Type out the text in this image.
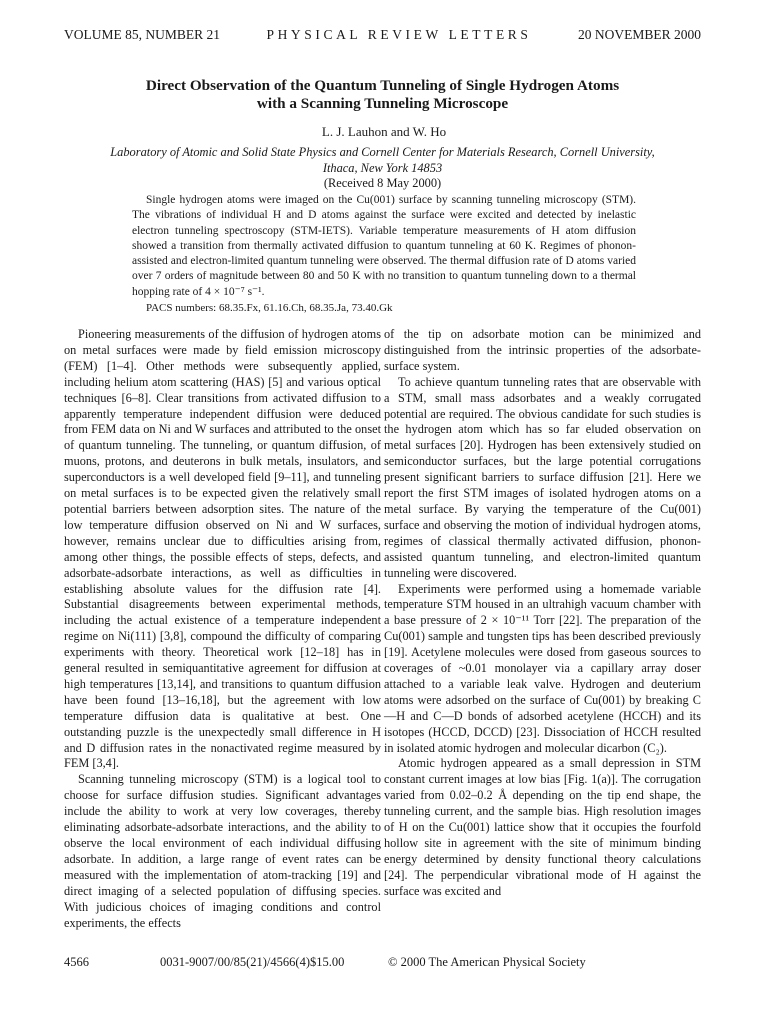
VOLUME 85, NUMBER 21	PHYSICAL REVIEW LETTERS	20 NOVEMBER 2000
Direct Observation of the Quantum Tunneling of Single Hydrogen Atoms
with a Scanning Tunneling Microscope
L. J. Lauhon and W. Ho
Laboratory of Atomic and Solid State Physics and Cornell Center for Materials Research, Cornell University,
Ithaca, New York 14853
(Received 8 May 2000)
Single hydrogen atoms were imaged on the Cu(001) surface by scanning tunneling microscopy (STM). The vibrations of individual H and D atoms against the surface were excited and detected by inelastic electron tunneling spectroscopy (STM-IETS). Variable temperature measurements of H atom diffusion showed a transition from thermally activated diffusion to quantum tunneling at 60 K. Regimes of phonon-assisted and electron-limited quantum tunneling were observed. The thermal diffusion rate of D atoms varied over 7 orders of magnitude between 80 and 50 K with no transition to quantum tunneling down to a thermal hopping rate of 4 × 10⁻⁷ s⁻¹.
PACS numbers: 68.35.Fx, 61.16.Ch, 68.35.Ja, 73.40.Gk

Pioneering measurements of the diffusion of hydrogen atoms on metal surfaces were made by field emission microscopy (FEM) [1–4]. Other methods were subsequently applied, including helium atom scattering (HAS) [5] and various optical techniques [6–8]. Clear transitions from activated diffusion to apparently temperature independent diffusion were deduced from FEM data on Ni and W surfaces and attributed to the onset of quantum tunneling. The tunneling, or quantum diffusion, of muons, protons, and deuterons in bulk metals, insulators, and superconductors is a well developed field [9–11], and tunneling on metal surfaces is to be expected given the relatively small potential barriers between adsorption sites. The nature of the low temperature diffusion observed on Ni and W surfaces, however, remains unclear due to difficulties arising from, among other things, the possible effects of steps, defects, and adsorbate-adsorbate interactions, as well as difficulties in establishing absolute values for the diffusion rate [4]. Substantial disagreements between experimental methods, including the actual existence of a temperature independent regime on Ni(111) [3,8], compound the difficulty of comparing experiments with theory. Theoretical work [12–18] has in general resulted in semiquantitative agreement for diffusion at high temperatures [13,14], and transitions to quantum diffusion have been found [13–16,18], but the agreement with low temperature diffusion data is qualitative at best. One outstanding puzzle is the unexpectedly small difference in H and D diffusion rates in the nonactivated regime measured by FEM [3,4].

Scanning tunneling microscopy (STM) is a logical tool to choose for surface diffusion studies. Significant advantages include the ability to work at very low coverages, thereby eliminating adsorbate-adsorbate interactions, and the ability to observe the local environment of each individual diffusing adsorbate. In addition, a large range of event rates can be measured with the implementation of atom-tracking [19] and direct imaging of a selected population of diffusing species. With judicious choices of imaging conditions and control experiments, the effects

of the tip on adsorbate motion can be minimized and distinguished from the intrinsic properties of the adsorbate-surface system.

To achieve quantum tunneling rates that are observable with a STM, small mass adsorbates and a weakly corrugated potential are required. The obvious candidate for such studies is the hydrogen atom which has so far eluded observation on metal surfaces [20]. Hydrogen has been extensively studied on semiconductor surfaces, but the large potential corrugations present significant barriers to surface diffusion [21]. Here we report the first STM images of isolated hydrogen atoms on a metal surface. By varying the temperature of the Cu(001) surface and observing the motion of individual hydrogen atoms, regimes of classical thermally activated diffusion, phonon-assisted quantum tunneling, and electron-limited quantum tunneling were discovered.

Experiments were performed using a homemade variable temperature STM housed in an ultrahigh vacuum chamber with a base pressure of 2 × 10⁻¹¹ Torr [22]. The preparation of the Cu(001) sample and tungsten tips has been described previously [19]. Acetylene molecules were dosed from gaseous sources to coverages of ~0.01 monolayer via a capillary array doser attached to a variable leak valve. Hydrogen and deuterium atoms were adsorbed on the surface of Cu(001) by breaking C—H and C—D bonds of adsorbed acetylene (HCCH) and its isotopes (HCCD, DCCD) [23]. Dissociation of HCCH resulted in isolated atomic hydrogen and molecular dicarbon (C₂).

Atomic hydrogen appeared as a small depression in STM constant current images at low bias [Fig. 1(a)]. The corrugation varied from 0.02–0.2 Å depending on the tip end shape, the tunneling current, and the sample bias. High resolution images of H on the Cu(001) lattice show that it occupies the fourfold hollow site in agreement with the site of minimum binding energy determined by density functional theory calculations [24]. The perpendicular vibrational mode of H against the surface was excited and

4566	0031-9007/00/85(21)/4566(4)$15.00	© 2000 The American Physical Society
